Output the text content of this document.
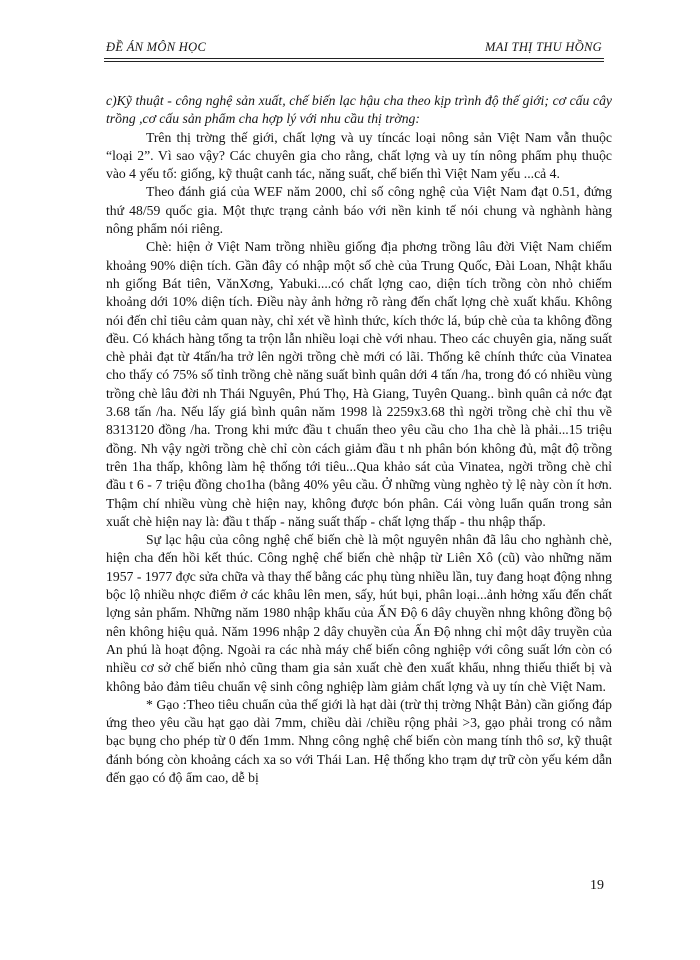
ĐỀ ÁN MÔN HỌC	MAI THỊ THU HỒNG

c)Kỹ thuật - công nghệ sản xuất, chế biến lạc hậu cha theo kịp trình độ thế giới; cơ cấu cây trồng ,cơ cấu sản phẩm cha hợp lý với nhu cầu thị trờng:

Trên thị trờng thế giới, chất lợng và uy tíncác loại nông sản Việt Nam vẫn thuộc “loại 2”. Vì sao vậy? Các chuyên gia cho rằng, chất lợng và uy tín nông phẩm phụ thuộc vào 4 yếu tố: giống, kỹ thuật canh tác, năng suất, chế biến thì Việt Nam yếu ...cả 4.

Theo đánh giá của WEF năm 2000, chỉ số công nghệ của Việt Nam đạt 0.51, đứng thứ 48/59 quốc gia. Một thực trạng cảnh báo với nền kinh tế nói chung và nghành hàng nông phẩm nói riêng.

Chè: hiện ở Việt Nam trồng nhiều giống địa phơng trồng lâu đời Việt Nam chiếm khoảng 90% diện tích. Gần đây có nhập một số chè của Trung Quốc, Đài Loan, Nhật khẩu nh giống Bát tiên, VănXơng, Yabuki....có chất lợng cao, diện tích trồng còn nhỏ chiếm khoảng dới 10% diện tích. Điều này ảnh hởng rõ ràng đến chất lợng chè xuất khẩu. Không nói đến chỉ tiêu cảm quan này, chỉ xét về hình thức, kích thớc lá, búp chè của ta không đồng đều. Có khách hàng tổng ta trộn lẫn nhiều loại chè với nhau. Theo các chuyên gia, năng suất chè phải đạt từ 4tấn/ha trở lên ngời trồng chè mới có lãi. Thống kê chính thức của Vinatea cho thấy có 75% số tỉnh trồng chè năng suất bình quân dới 4 tấn /ha, trong đó có nhiều vùng trồng chè lâu đời nh Thái Nguyên, Phú Thọ, Hà Giang, Tuyên Quang.. bình quân cả nớc đạt 3.68 tấn /ha. Nếu lấy giá bình quân năm 1998 là 2259x3.68 thì ngời trồng chè chỉ thu về 8313120 đồng /ha. Trong khi mức đầu t chuẩn theo yêu cầu cho 1ha chè là phải...15 triệu đồng. Nh vậy ngời trồng chè chỉ còn cách giảm đầu t nh phân bón không đủ, mật độ trồng trên 1ha thấp, không làm hệ thống tới tiêu...Qua khảo sát của Vinatea, ngời trồng chè chỉ đầu t 6 - 7 triệu đồng cho1ha (bằng 40% yêu cầu. Ở những vùng nghèo tỷ lệ này còn ít hơn. Thậm chí nhiều vùng chè hiện nay, không được bón phân. Cái vòng luẩn quẩn trong sản xuất chè hiện nay là: đầu t thấp - năng suất thấp - chất lợng thấp - thu nhập thấp.

Sự lạc hậu của công nghệ chế biến chè là một nguyên nhân đã lâu cho nghành chè, hiện cha đến hồi kết thúc. Công nghệ chế biến chè nhập từ Liên Xô (cũ) vào những năm 1957 - 1977 đợc sửa chữa và thay thế bằng các phụ tùng nhiều lần, tuy đang hoạt động nhng bộc lộ nhiều nhợc điểm ở các khâu lên men, sấy, hút bụi, phân loại...ảnh hởng xấu đến chất lợng sản phẩm. Những năm 1980 nhập khẩu của ẤN Độ 6 dây chuyền nhng không đồng bộ nên không hiệu quả. Năm 1996 nhập 2 dây chuyền của Ấn Độ nhng chỉ một dây truyền của An phú là hoạt động. Ngoài ra các nhà máy chế biến công nghiệp với công suất lớn còn có nhiều cơ sở chế biến nhỏ cũng tham gia sản xuất chè đen xuất khẩu, nhng thiếu thiết bị và không bảo đảm tiêu chuẩn vệ sinh công nghiệp làm giảm chất lợng và uy tín chè Việt Nam.

* Gạo :Theo tiêu chuẩn của thế giới là hạt dài (trừ thị trờng Nhật Bản) cần giống đáp ứng theo yêu cầu hạt gạo dài 7mm, chiều dài /chiều rộng phải >3, gạo phải trong có nằm bạc bụng cho phép từ 0 đến 1mm. Nhng công nghệ chế biến còn mang tính thô sơ, kỹ thuật đánh bóng còn khoảng cách xa so với Thái Lan. Hệ thống kho trạm dự trữ còn yếu kém dẫn đến gạo có độ ẩm cao, dễ bị

19
